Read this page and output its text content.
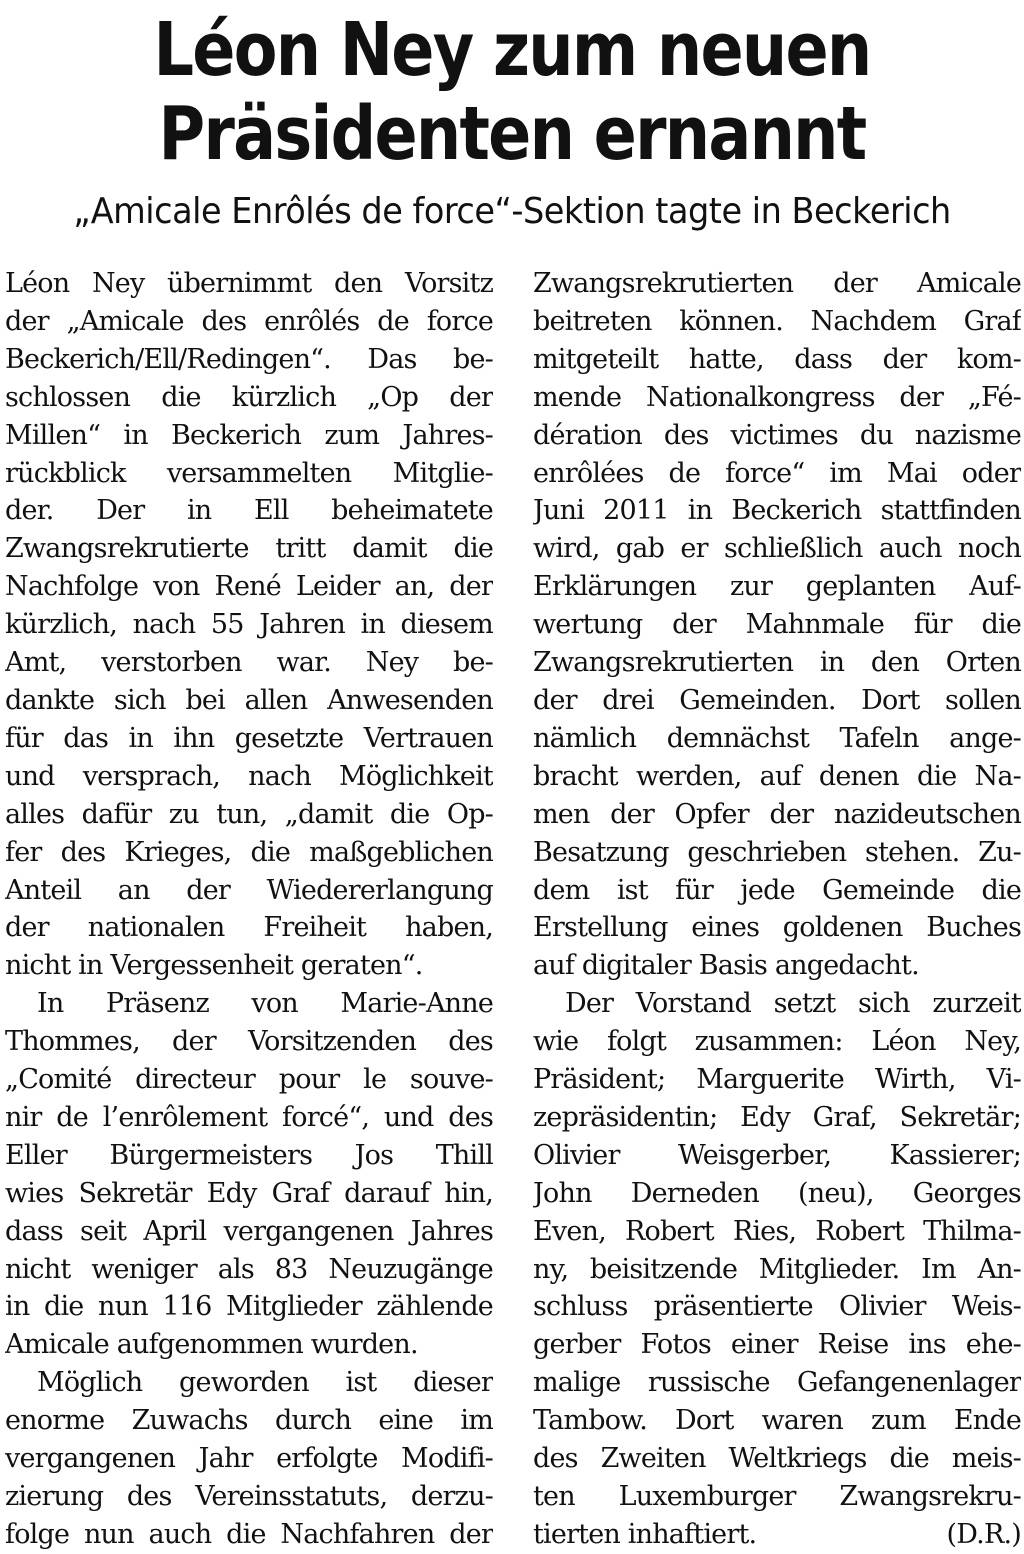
Léon Ney zum neuen
Präsidenten ernannt
„Amicale Enrôlés de force“-Sektion tagte in Beckerich

Léon Ney übernimmt den Vorsitz
der „Amicale des enrôlés de force
Beckerich/Ell/Redingen“. Das be-
schlossen die kürzlich „Op der
Millen“ in Beckerich zum Jahres-
rückblick versammelten Mitglie-
der. Der in Ell beheimatete
Zwangsrekrutierte tritt damit die
Nachfolge von René Leider an, der
kürzlich, nach 55 Jahren in diesem
Amt, verstorben war. Ney be-
dankte sich bei allen Anwesenden
für das in ihn gesetzte Vertrauen
und versprach, nach Möglichkeit
alles dafür zu tun, „damit die Op-
fer des Krieges, die maßgeblichen
Anteil an der Wiedererlangung
der nationalen Freiheit haben,
nicht in Vergessenheit geraten“.

In Präsenz von Marie-Anne
Thommes, der Vorsitzenden des
„Comité directeur pour le souve-
nir de l’enrôlement forcé“, und des
Eller Bürgermeisters Jos Thill
wies Sekretär Edy Graf darauf hin,
dass seit April vergangenen Jahres
nicht weniger als 83 Neuzugänge
in die nun 116 Mitglieder zählende
Amicale aufgenommen wurden.

Möglich geworden ist dieser
enorme Zuwachs durch eine im
vergangenen Jahr erfolgte Modifi-
zierung des Vereinsstatuts, derzu-
folge nun auch die Nachfahren der

Zwangsrekrutierten der Amicale
beitreten können. Nachdem Graf
mitgeteilt hatte, dass der kom-
mende Nationalkongress der „Fé-
dération des victimes du nazisme
enrôlées de force“ im Mai oder
Juni 2011 in Beckerich stattfinden
wird, gab er schließlich auch noch
Erklärungen zur geplanten Auf-
wertung der Mahnmale für die
Zwangsrekrutierten in den Orten
der drei Gemeinden. Dort sollen
nämlich demnächst Tafeln ange-
bracht werden, auf denen die Na-
men der Opfer der nazideutschen
Besatzung geschrieben stehen. Zu-
dem ist für jede Gemeinde die
Erstellung eines goldenen Buches
auf digitaler Basis angedacht.

Der Vorstand setzt sich zurzeit
wie folgt zusammen: Léon Ney,
Präsident; Marguerite Wirth, Vi-
zepräsidentin; Edy Graf, Sekretär;
Olivier Weisgerber, Kassierer;
John Derneden (neu), Georges
Even, Robert Ries, Robert Thilma-
ny, beisitzende Mitglieder. Im An-
schluss präsentierte Olivier Weis-
gerber Fotos einer Reise ins ehe-
malige russische Gefangenenlager
Tambow. Dort waren zum Ende
des Zweiten Weltkriegs die meis-
ten Luxemburger Zwangsrekru-
tierten inhaftiert.	(D.R.)
